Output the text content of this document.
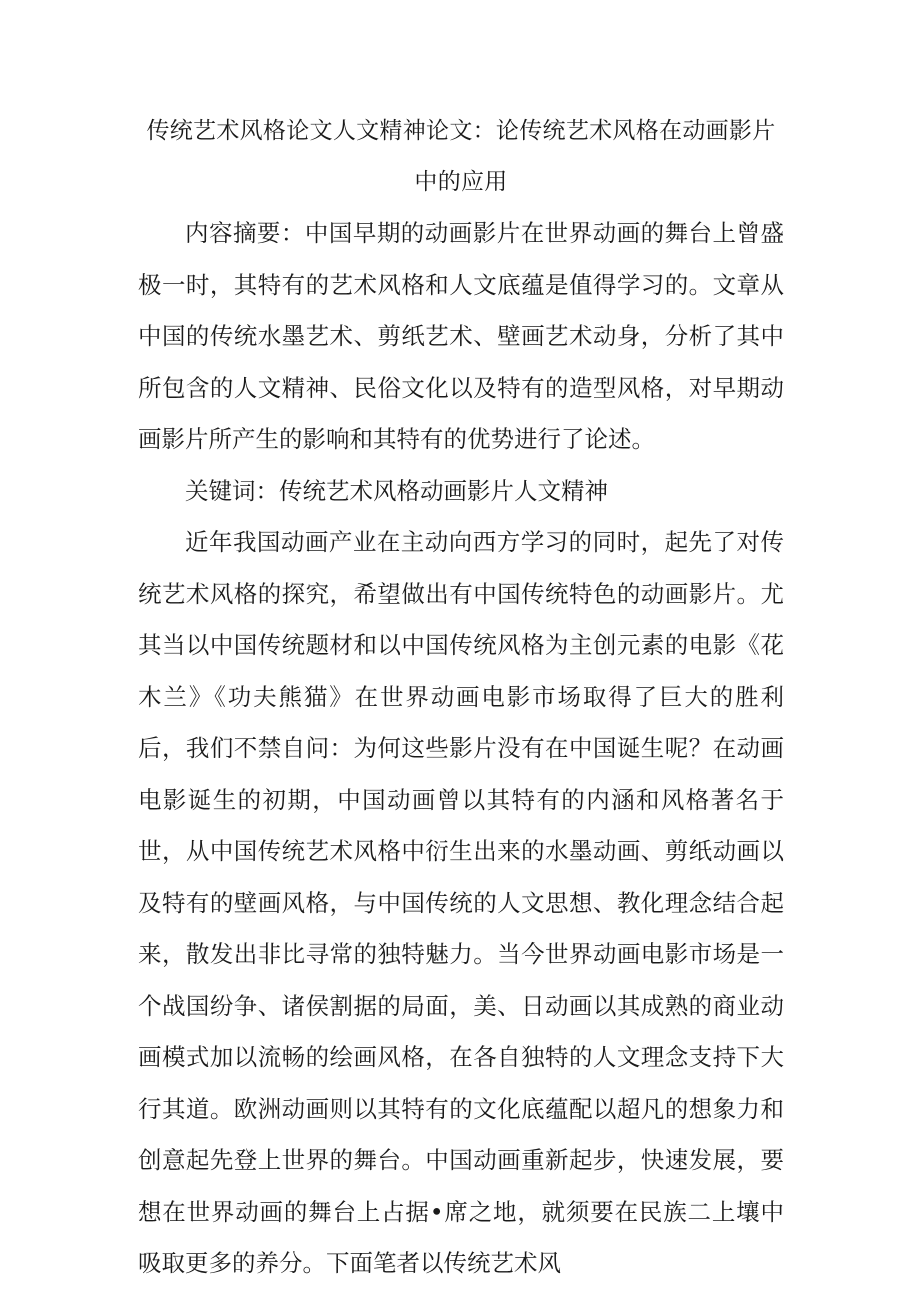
传统艺术风格论文人文精神论文：论传统艺术风格在动画影片中的应用

内容摘要：中国早期的动画影片在世界动画的舞台上曾盛极一时，其特有的艺术风格和人文底蕴是值得学习的。文章从中国的传统水墨艺术、剪纸艺术、壁画艺术动身，分析了其中所包含的人文精神、民俗文化以及特有的造型风格，对早期动画影片所产生的影响和其特有的优势进行了论述。

关键词：传统艺术风格动画影片人文精神

近年我国动画产业在主动向西方学习的同时，起先了对传统艺术风格的探究，希望做出有中国传统特色的动画影片。尤其当以中国传统题材和以中国传统风格为主创元素的电影《花木兰》《功夫熊猫》在世界动画电影市场取得了巨大的胜利后，我们不禁自问：为何这些影片没有在中国诞生呢？在动画电影诞生的初期，中国动画曾以其特有的内涵和风格著名于世，从中国传统艺术风格中衍生出来的水墨动画、剪纸动画以及特有的壁画风格，与中国传统的人文思想、教化理念结合起来，散发出非比寻常的独特魅力。当今世界动画电影市场是一个战国纷争、诸侯割据的局面，美、日动画以其成熟的商业动画模式加以流畅的绘画风格，在各自独特的人文理念支持下大行其道。欧洲动画则以其特有的文化底蕴配以超凡的想象力和创意起先登上世界的舞台。中国动画重新起步，快速发展，要想在世界动画的舞台上占据•席之地，就须要在民族二上壤中吸取更多的养分。下面笔者以传统艺术风
